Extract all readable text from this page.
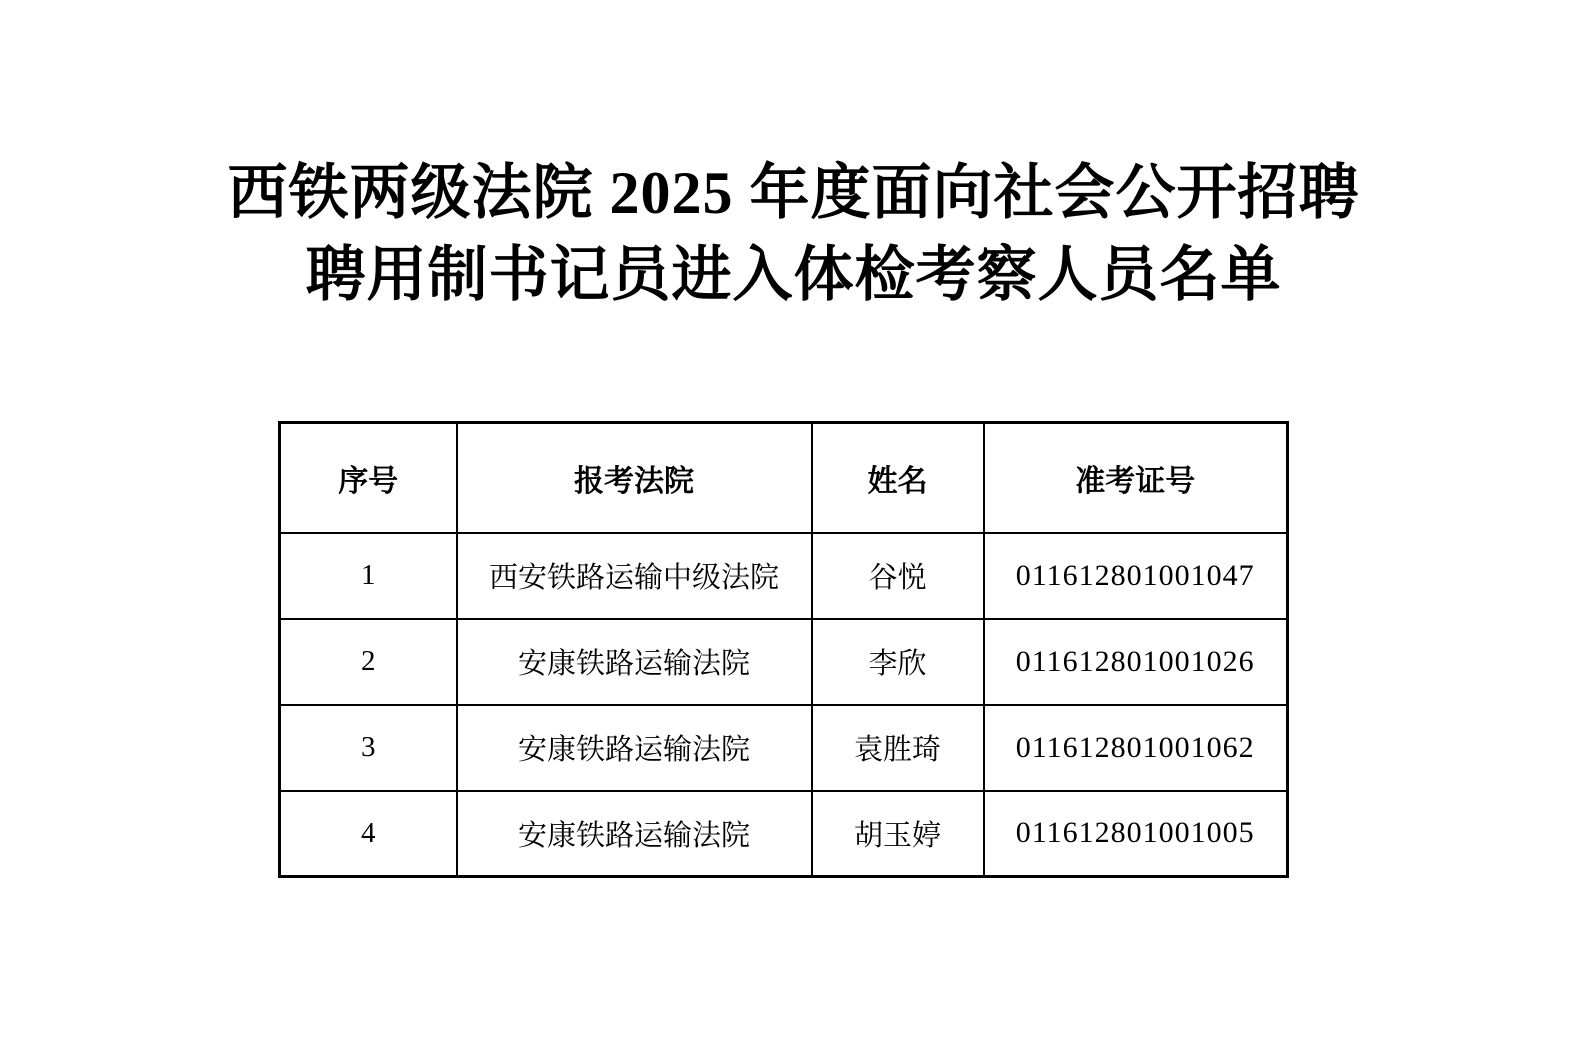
西铁两级法院 2025 年度面向社会公开招聘
聘用制书记员进入体检考察人员名单
序号	报考法院	姓名	准考证号
1	西安铁路运输中级法院	谷悦	011612801001047
2	安康铁路运输法院	李欣	011612801001026
3	安康铁路运输法院	袁胜琦	011612801001062
4	安康铁路运输法院	胡玉婷	011612801001005
